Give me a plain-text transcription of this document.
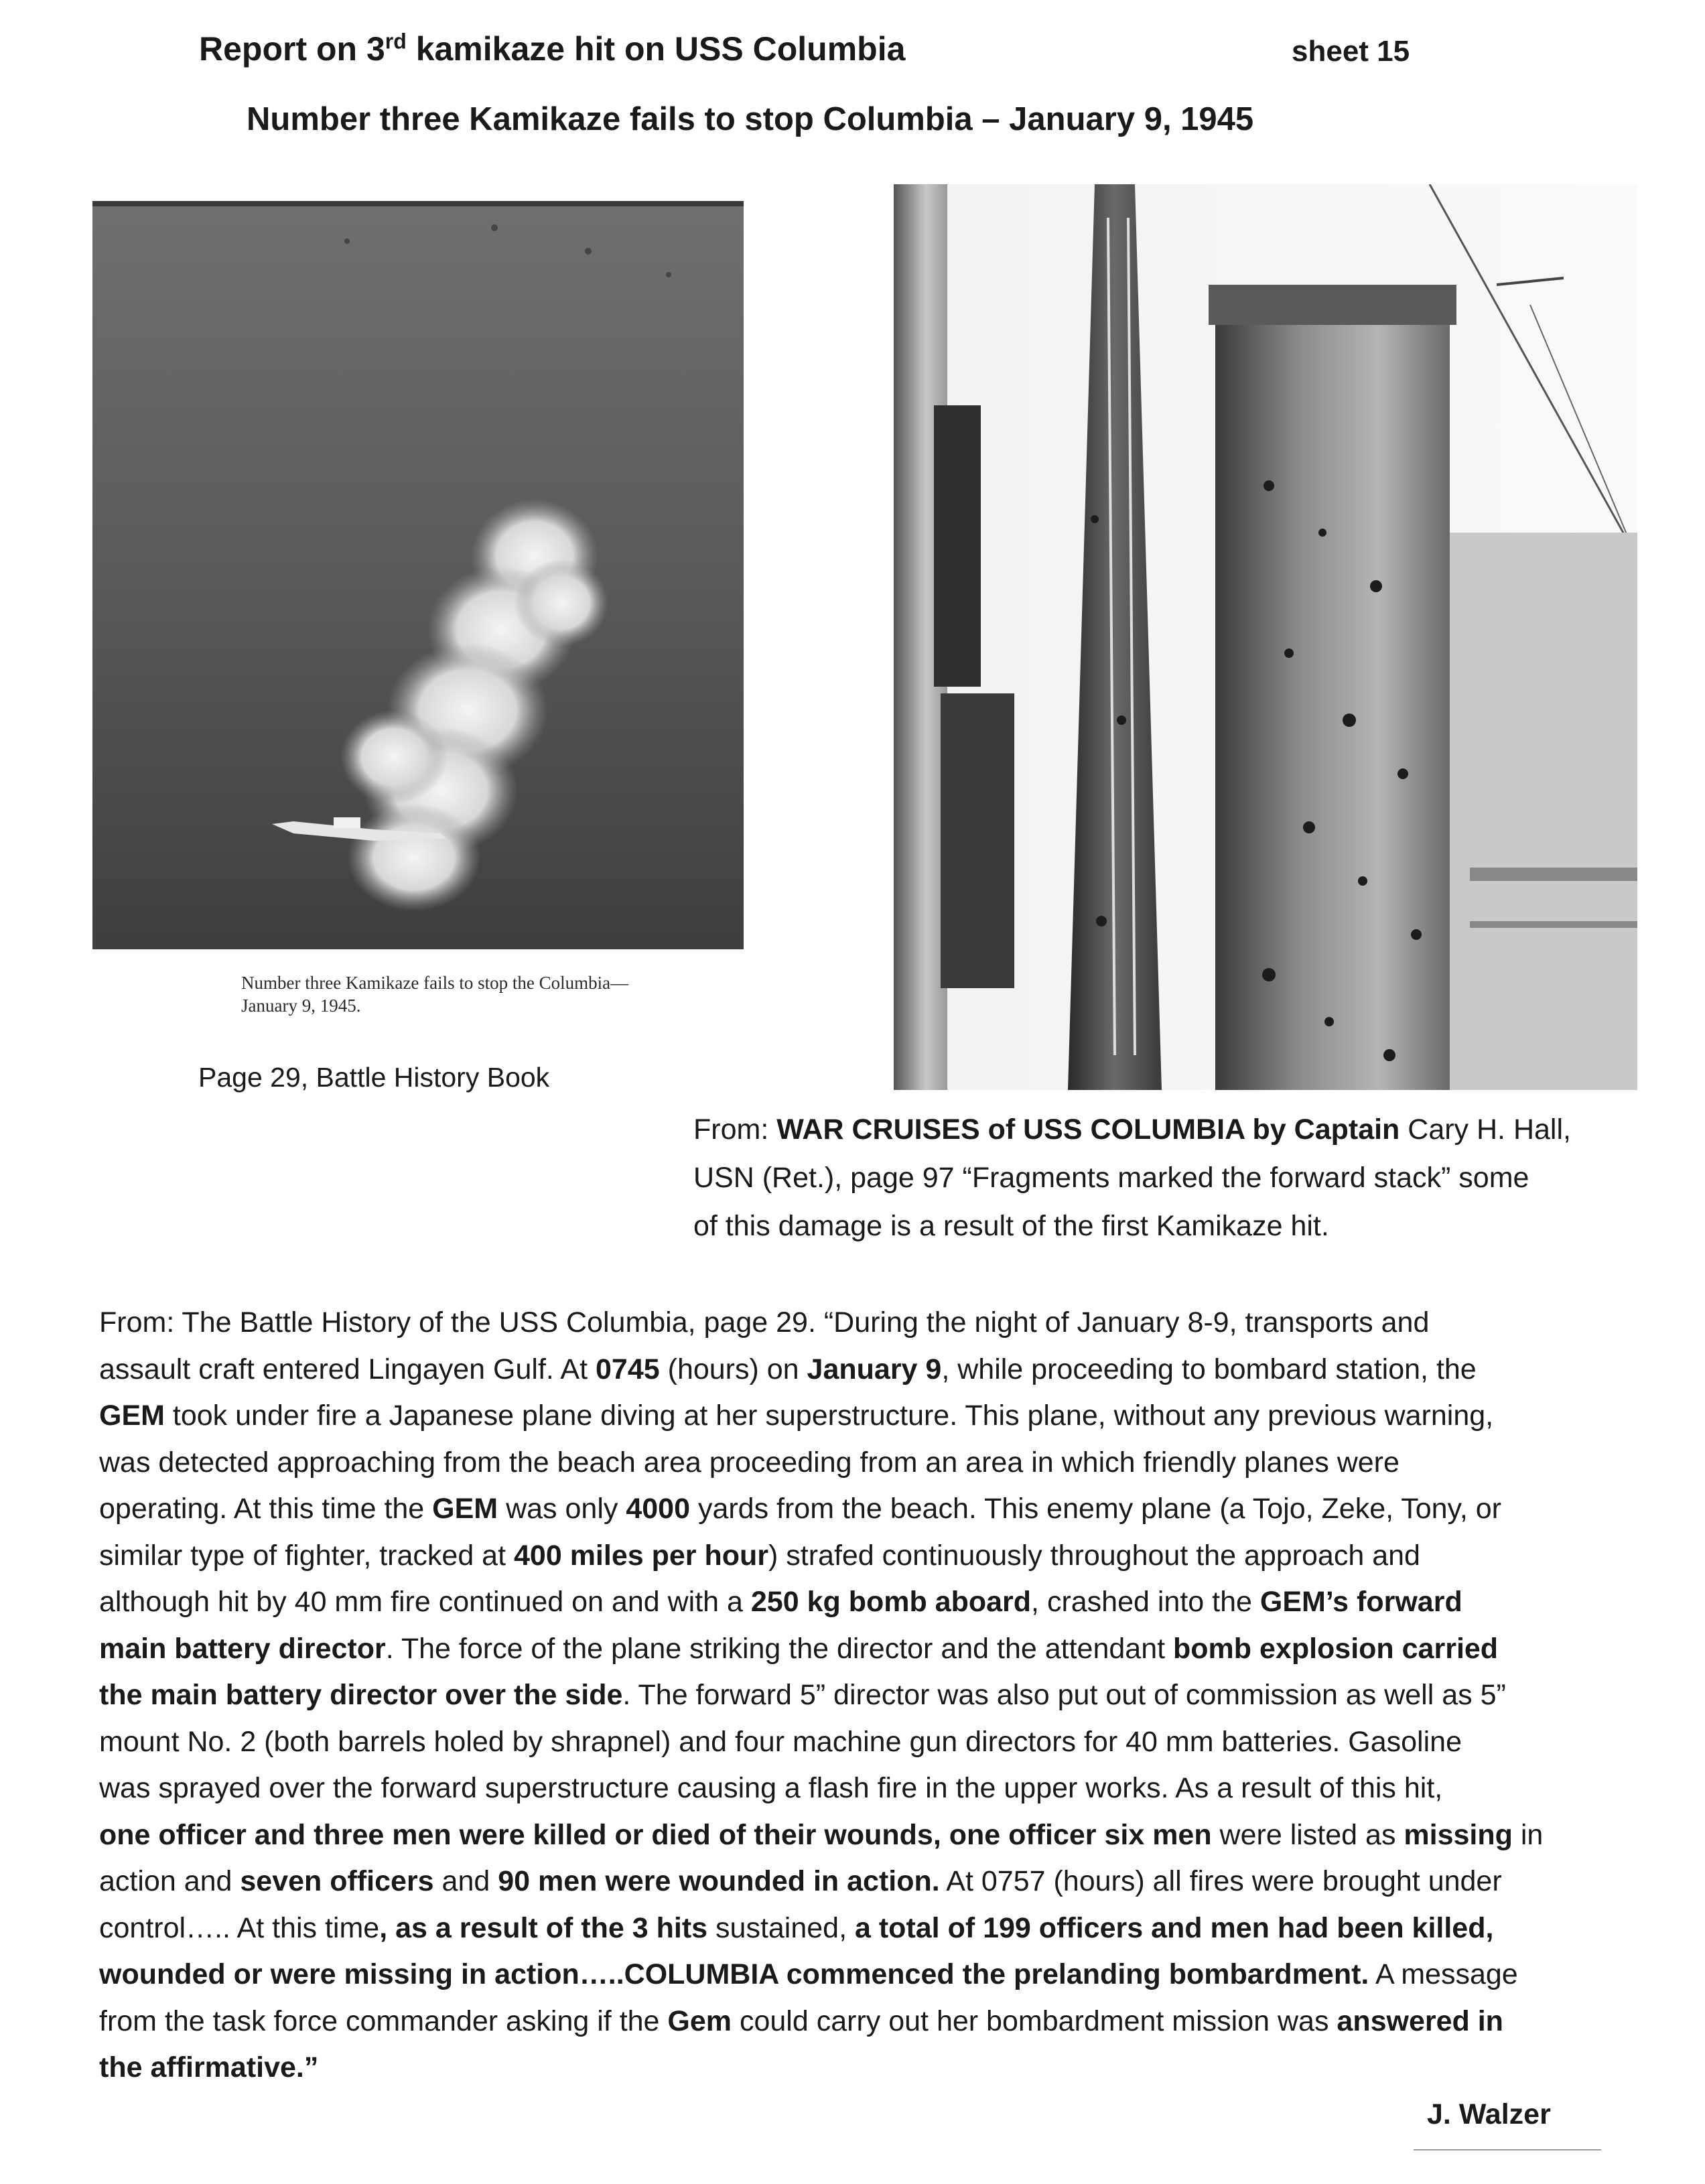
Report on 3rd kamikaze hit on USS Columbia	sheet 15
Number three Kamikaze fails to stop Columbia – January 9, 1945
Number three Kamikaze fails to stop the Columbia—
January 9, 1945.
Page 29, Battle History Book
From: WAR CRUISES of USS COLUMBIA by Captain Cary H. Hall,
USN (Ret.), page 97 “Fragments marked the forward stack” some
of this damage is a result of the first Kamikaze hit.
From: The Battle History of the USS Columbia, page 29. “During the night of January 8-9, transports and
assault craft entered Lingayen Gulf. At 0745 (hours) on January 9, while proceeding to bombard station, the
GEM took under fire a Japanese plane diving at her superstructure. This plane, without any previous warning,
was detected approaching from the beach area proceeding from an area in which friendly planes were
operating. At this time the GEM was only 4000 yards from the beach. This enemy plane (a Tojo, Zeke, Tony, or
similar type of fighter, tracked at 400 miles per hour) strafed continuously throughout the approach and
although hit by 40 mm fire continued on and with a 250 kg bomb aboard, crashed into the GEM’s forward
main battery director. The force of the plane striking the director and the attendant bomb explosion carried
the main battery director over the side. The forward 5” director was also put out of commission as well as 5”
mount No. 2 (both barrels holed by shrapnel) and four machine gun directors for 40 mm batteries. Gasoline
was sprayed over the forward superstructure causing a flash fire in the upper works. As a result of this hit,
one officer and three men were killed or died of their wounds, one officer six men were listed as missing in
action and seven officers and 90 men were wounded in action. At 0757 (hours) all fires were brought under
control….. At this time, as a result of the 3 hits sustained, a total of 199 officers and men had been killed,
wounded or were missing in action…..COLUMBIA commenced the prelanding bombardment. A message
from the task force commander asking if the Gem could carry out her bombardment mission was answered in
the affirmative.”
J. Walzer
